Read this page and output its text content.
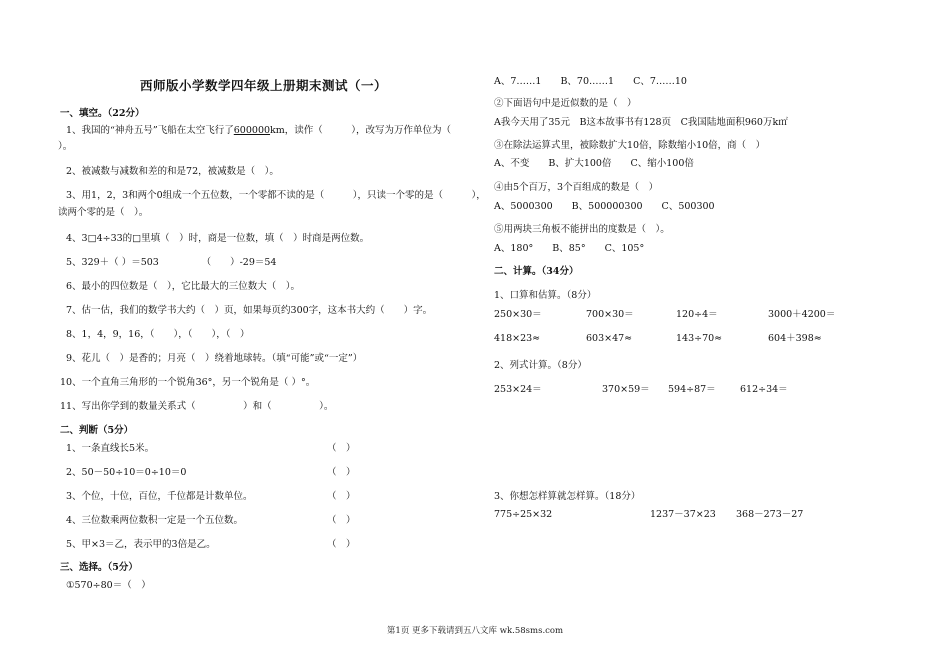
西师版小学数学四年级上册期末测试（一）
一、填空。（22分）
1、我国的“神舟五号”飞船在太空飞行了600000km，读作（　　　），改写为万作单位为（
）。
2、被减数与减数和差的和是72，被减数是（　）。
3、用1，2，3和两个0组成一个五位数，一个零都不读的是（　　　），只读一个零的是（　　　），
读两个零的是（　）。
4、3□4÷33的□里填（　）时，商是一位数，填（　）时商是两位数。
5、329＋（ ）＝503　　　　　（　　）-29＝54
6、最小的四位数是（　），它比最大的三位数大（　）。
7、估一估，我们的数学书大约（　）页，如果每页约300字，这本书大约（　　）字。
8、1，4，9，16，（　　），（　　），（　）
9、花儿（　）是香的；月亮（　）绕着地球转。（填“可能”或“一定”）
10、一个直角三角形的一个锐角36°，另一个锐角是（ ）°。
11、写出你学到的数量关系式（　　　　　）和（　　　　　）。
二、判断（5分）
1、一条直线长5米。	（　）
2、50－50÷10＝0÷10＝0	（　）
3、个位，十位，百位，千位都是计数单位。	（　）
4、三位数乘两位数积一定是一个五位数。	（　）
5、甲×3＝乙，表示甲的3倍是乙。	（　）
三、选择。（5分）
①570÷80＝（　）
A、7……1　　B、70……1　　C、7……10
②下面语句中是近似数的是（　）
A我今天用了35元　B这本故事书有128页　C我国陆地面积960万k㎡
③在除法运算式里，被除数扩大10倍，除数缩小10倍，商（　）
A、不变　　B、扩大100倍　　C、缩小100倍
④由5个百万，3个百组成的数是（　）
A、5000300　　B、500000300　　C、500300
⑤用两块三角板不能拼出的度数是（　）。
A、180°　　B、85°　　C、105°
二、计算。（34分）
1、口算和估算。（8分）
250×30＝	700×30＝	120÷4＝	3000＋4200＝
418×23≈	603×47≈	143÷70≈	604＋398≈
2、列式计算。（8分）
253×24＝	370×59＝ 594÷87＝	612÷34＝
3、你想怎样算就怎样算。（18分）
775÷25×32	1237－37×23 368－273－27
第1页 更多下载请到五八文库 wk.58sms.com
